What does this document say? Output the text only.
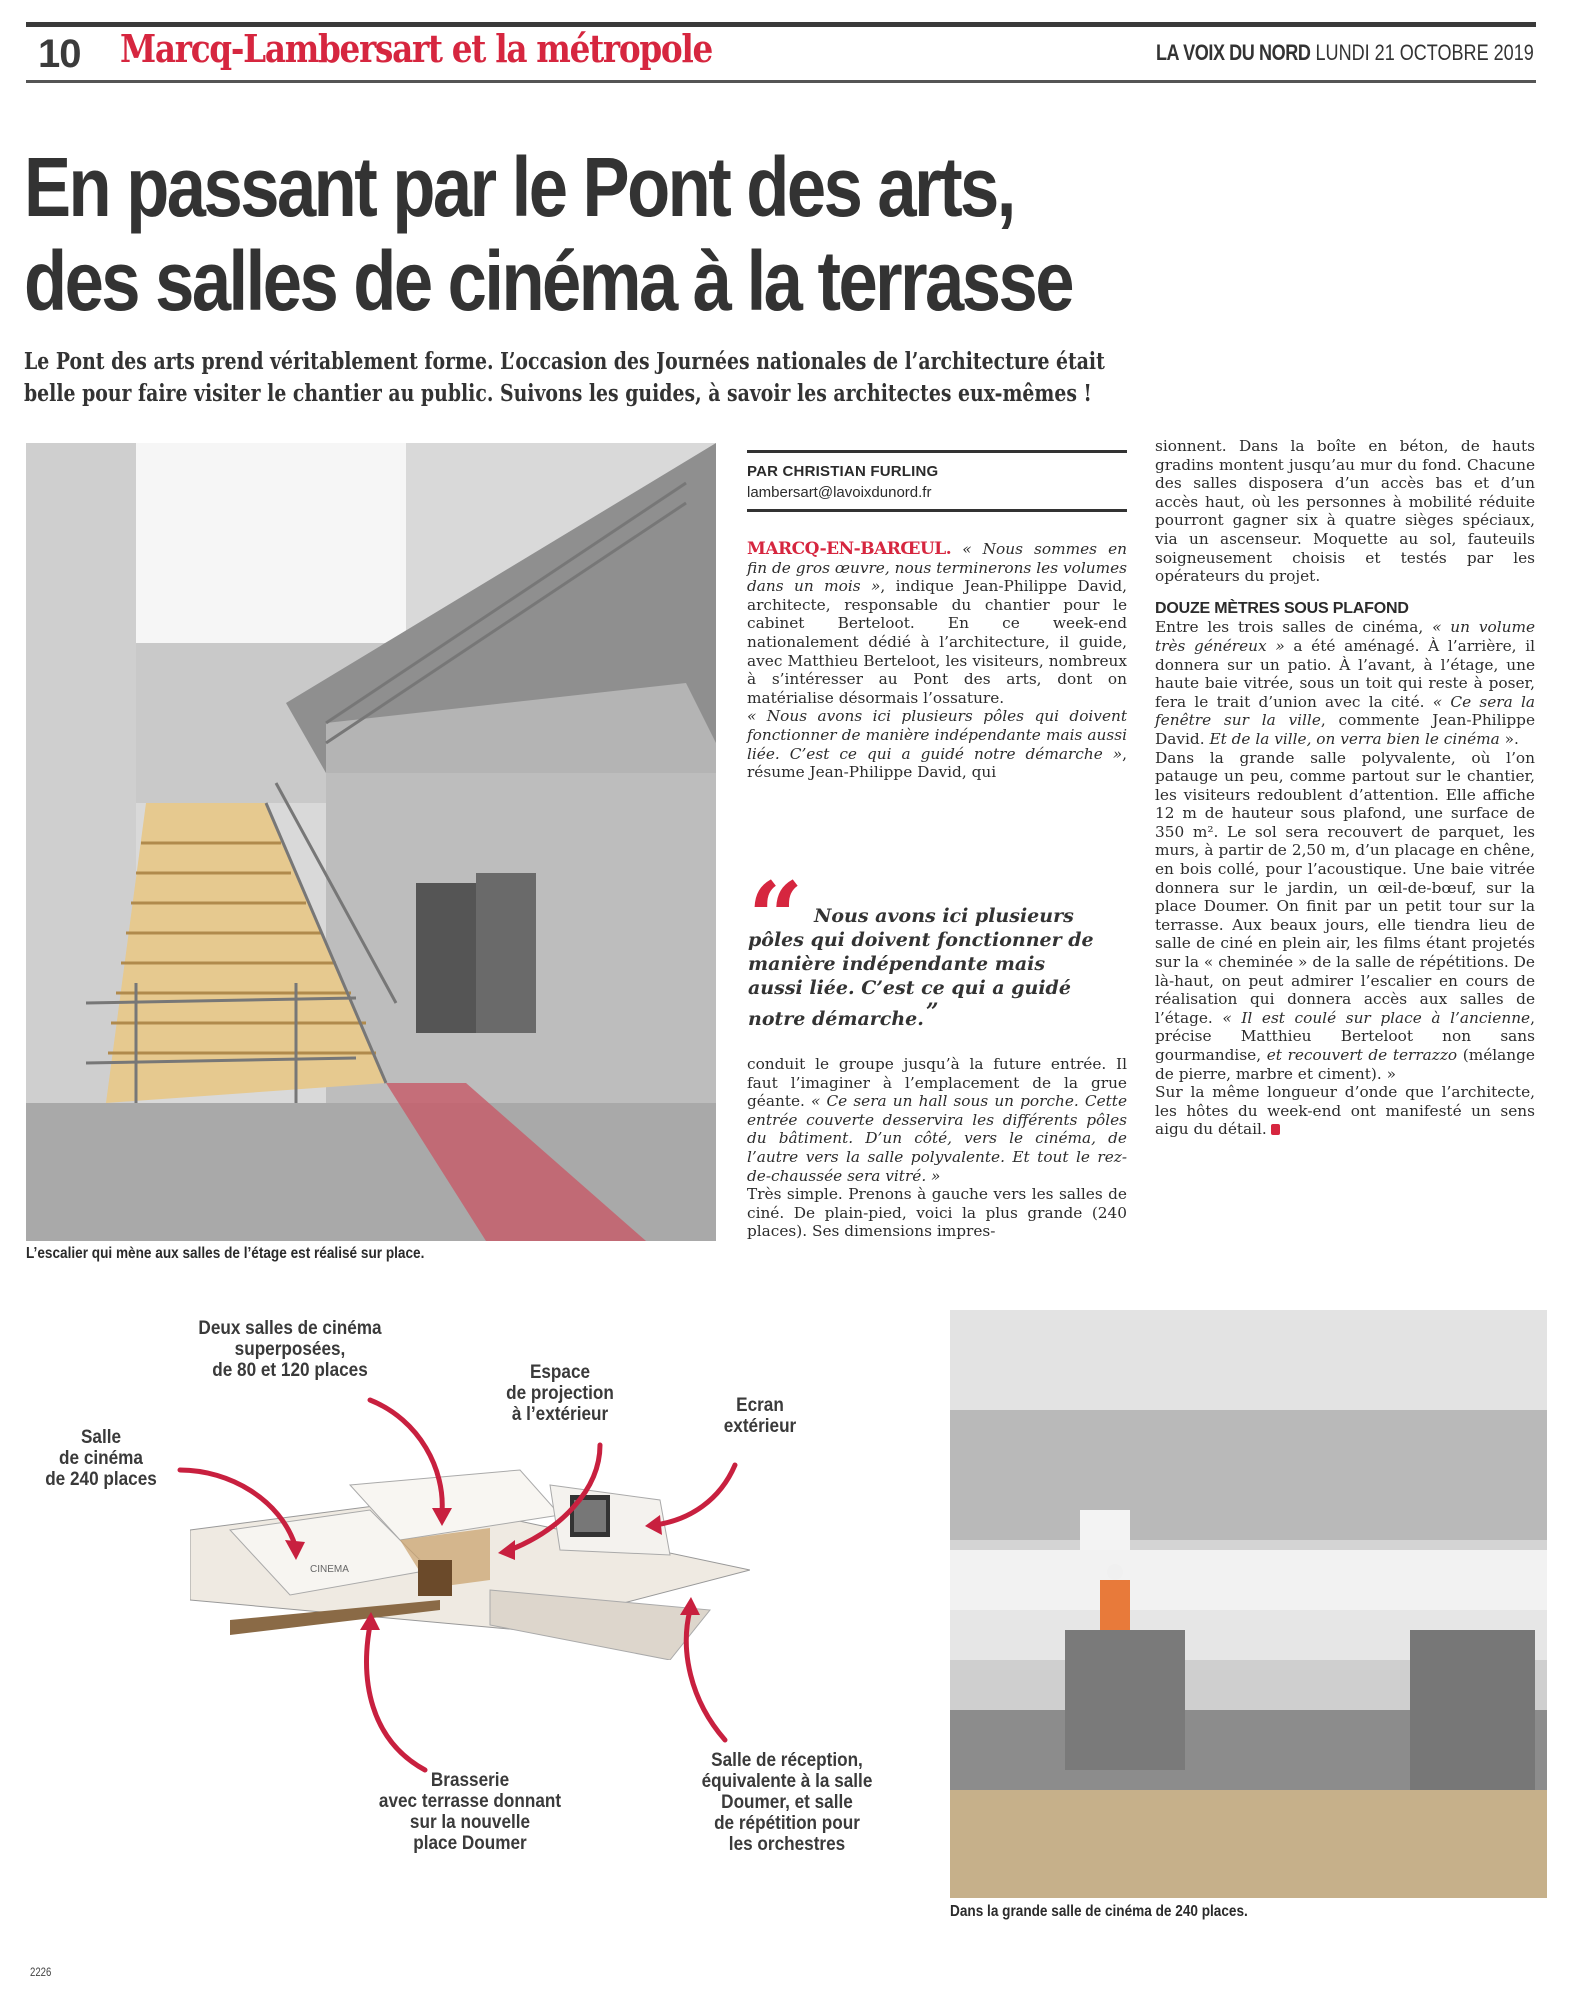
10 Marcq-Lambersart et la métropole	LA VOIX DU NORD LUNDI 21 OCTOBRE 2019
En passant par le Pont des arts,
des salles de cinéma à la terrasse
Le Pont des arts prend véritablement forme. L’occasion des Journées nationales de l’architecture était
belle pour faire visiter le chantier au public. Suivons les guides, à savoir les architectes eux-mêmes !
L’escalier qui mène aux salles de l’étage est réalisé sur place.
PAR CHRISTIAN FURLING
lambersart@lavoixdunord.fr

MARCQ-EN-BARŒUL. « Nous sommes en fin de gros œuvre, nous terminerons les volumes dans un mois », indique Jean-Philippe David, architecte, responsable du chantier pour le cabinet Berteloot. En ce week-end nationalement dédié à l’architecture, il guide, avec Matthieu Berteloot, les visiteurs, nombreux à s’intéresser au Pont des arts, dont on matérialise désormais l’ossature.

« Nous avons ici plusieurs pôles qui doivent fonctionner de manière indépendante mais aussi liée. C’est ce qui a guidé notre démarche », résume Jean-Philippe David, qui

“ Nous avons ici plusieurs pôles qui doivent fonctionner de manière indépendante mais aussi liée. C’est ce qui a guidé notre démarche.”

conduit le groupe jusqu’à la future entrée. Il faut l’imaginer à l’emplacement de la grue géante. « Ce sera un hall sous un porche. Cette entrée couverte desservira les différents pôles du bâtiment. D’un côté, vers le cinéma, de l’autre vers la salle polyvalente. Et tout le rez-de-chaussée sera vitré. »

Très simple. Prenons à gauche vers les salles de ciné. De plain-pied, voici la plus grande (240 places). Ses dimensions impres-

sionnent. Dans la boîte en béton, de hauts gradins montent jusqu’au mur du fond. Chacune des salles disposera d’un accès bas et d’un accès haut, où les personnes à mobilité réduite pourront gagner six à quatre sièges spéciaux, via un ascenseur. Moquette au sol, fauteuils soigneusement choisis et testés par les opérateurs du projet.

DOUZE MÈTRES SOUS PLAFOND

Entre les trois salles de cinéma, « un volume très généreux » a été aménagé. À l’arrière, il donnera sur un patio. À l’avant, à l’étage, une haute baie vitrée, sous un toit qui reste à poser, fera le trait d’union avec la cité. « Ce sera la fenêtre sur la ville, commente Jean-Philippe David. Et de la ville, on verra bien le cinéma ».

Dans la grande salle polyvalente, où l’on patauge un peu, comme partout sur le chantier, les visiteurs redoublent d’attention. Elle affiche 12 m de hauteur sous plafond, une surface de 350 m². Le sol sera recouvert de parquet, les murs, à partir de 2,50 m, d’un placage en chêne, en bois collé, pour l’acoustique. Une baie vitrée donnera sur le jardin, un œil-de-bœuf, sur la place Doumer. On finit par un petit tour sur la terrasse. Aux beaux jours, elle tiendra lieu de salle de ciné en plein air, les films étant projetés sur la « cheminée » de la salle de répétitions. De là-haut, on peut admirer l’escalier en cours de réalisation qui donnera accès aux salles de l’étage. « Il est coulé sur place à l’ancienne, précise Matthieu Berteloot non sans gourmandise, et recouvert de terrazzo (mélange de pierre, marbre et ciment). »

Sur la même longueur d’onde que l’architecte, les hôtes du week-end ont manifesté un sens aigu du détail.

CINEMA
Deux salles de cinéma
superposées,
de 80 et 120 places
Salle
de cinéma
de 240 places
Espace
de projection
à l’extérieur	Ecran
extérieur
Brasserie
avec terrasse donnant
sur la nouvelle
place Doumer
Salle de réception,
équivalente à la salle
Doumer, et salle
de répétition pour
les orchestres
Dans la grande salle de cinéma de 240 places.
2226
